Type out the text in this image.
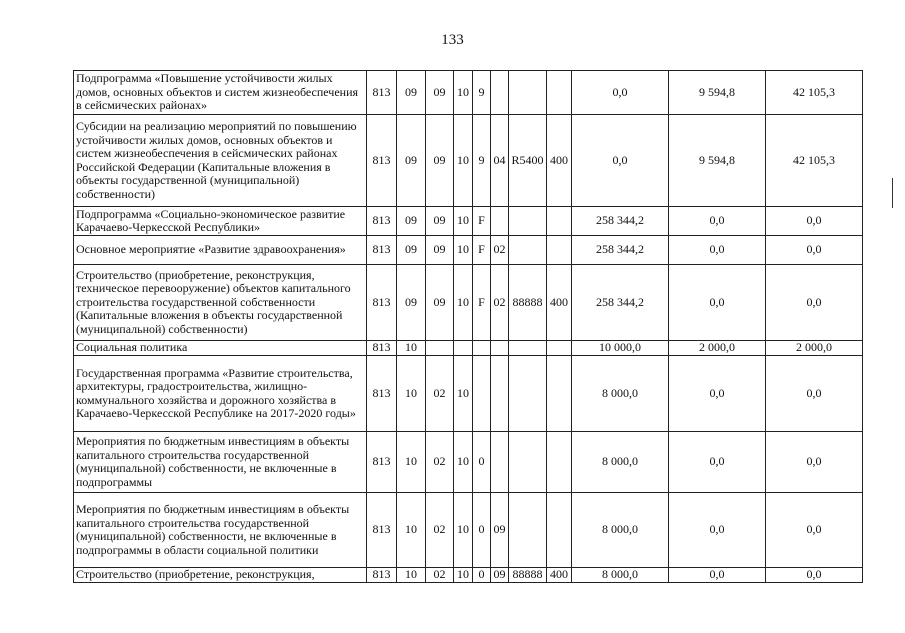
133
Подпрограмма «Повышение устойчивости жилых домов, основных объектов и систем жизнеобеспечения в сейсмических районах»	813	09	09	10	9				0,0	9 594,8	42 105,3
Субсидии на реализацию мероприятий по повышению устойчивости жилых домов, основных объектов и систем жизнеобеспечения в сейсмических районах Российской Федерации (Капитальные вложения в объекты государственной (муниципальной) собственности)	813	09	09	10	9	04	R5400	400	0,0	9 594,8	42 105,3
Подпрограмма «Социально-экономическое развитие Карачаево-Черкесской Республики»	813	09	09	10	F				258 344,2	0,0	0,0
Основное мероприятие «Развитие здравоохранения»	813	09	09	10	F	02			258 344,2	0,0	0,0
Строительство (приобретение, реконструкция, техническое перевооружение) объектов капитального строительства государственной собственности (Капитальные вложения в объекты государственной (муниципальной) собственности)	813	09	09	10	F	02	88888	400	258 344,2	0,0	0,0
Социальная политика	813	10							10 000,0	2 000,0	2 000,0
Государственная программа «Развитие строительства, архитектуры, градостроительства, жилищно-коммунального хозяйства и дорожного хозяйства в Карачаево-Черкесской Республике на 2017-2020 годы»	813	10	02	10					8 000,0	0,0	0,0
Мероприятия по бюджетным инвестициям в объекты капитального строительства государственной (муниципальной) собственности, не включенные в подпрограммы	813	10	02	10	0				8 000,0	0,0	0,0
Мероприятия по бюджетным инвестициям в объекты капитального строительства государственной (муниципальной) собственности, не включенные в подпрограммы в области социальной политики	813	10	02	10	0	09			8 000,0	0,0	0,0
Строительство (приобретение, реконструкция,	813	10	02	10	0	09	88888	400	8 000,0	0,0	0,0
